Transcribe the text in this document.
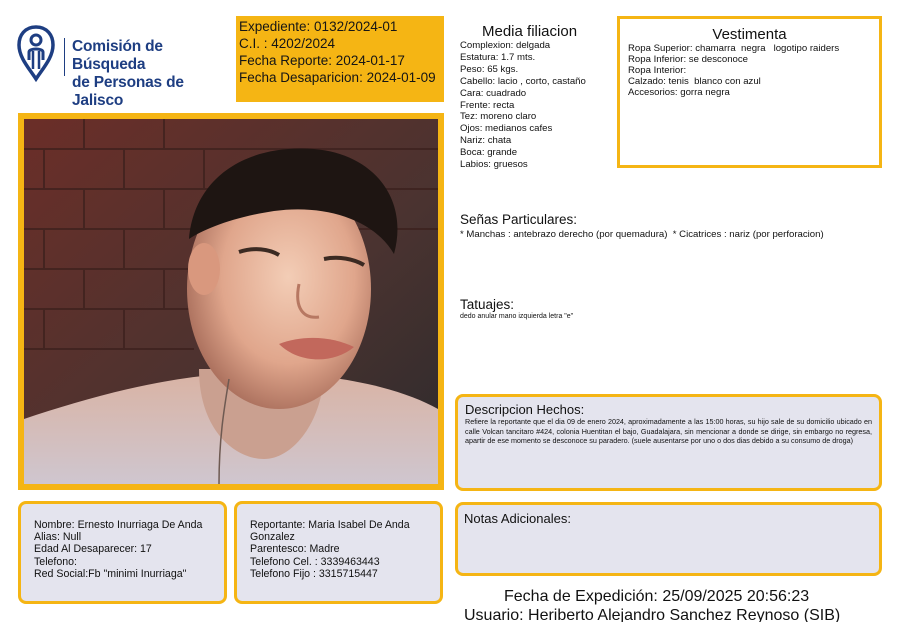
Comisión de Búsqueda
de Personas de Jalisco
Expediente: 0132/2024-01
C.I. : 4202/2024
Fecha Reporte: 2024-01-17
Fecha Desaparicion: 2024-01-09
Media filiacion
Complexion: delgada
Estatura: 1.7 mts.
Peso: 65 kgs.
Cabello: lacio , corto, castaño
Cara: cuadrado
Frente: recta
Tez: moreno claro
Ojos: medianos cafes
Nariz: chata
Boca: grande
Labios: gruesos
Vestimenta
Ropa Superior: chamarra  negra   logotipo raiders
Ropa Inferior: se desconoce
Ropa Interior:
Calzado: tenis  blanco con azul
Accesorios: gorra negra
Señas Particulares:
* Manchas : antebrazo derecho (por quemadura)  * Cicatrices : nariz (por perforacion)
Tatuajes:
dedo anular mano izquierda letra "e"
Descripcion Hechos:
Refiere la reportante que el dia 09 de enero 2024, aproximadamente a las 15:00 horas, su hijo sale de su domicilio ubicado en calle Volcan tancitaro #424, colonia Huentitan el bajo, Guadalajara, sin mencionar a donde se dirige, sin embargo no regresa, apartir de ese momento se desconoce su paradero. (suele ausentarse por uno o dos dias debido a su consumo de droga)
Nombre: Ernesto Inurriaga De Anda
Alias: Null
Edad Al Desaparecer: 17
Telefono:
Red Social:Fb "minimi Inurriaga"
Reportante: Maria Isabel De Anda Gonzalez
Parentesco: Madre
Telefono Cel. : 3339463443
Telefono Fijo : 3315715447
Notas Adicionales:
Fecha de Expedición: 25/09/2025 20:56:23
Usuario: Heriberto Alejandro Sanchez Reynoso (SIB)
